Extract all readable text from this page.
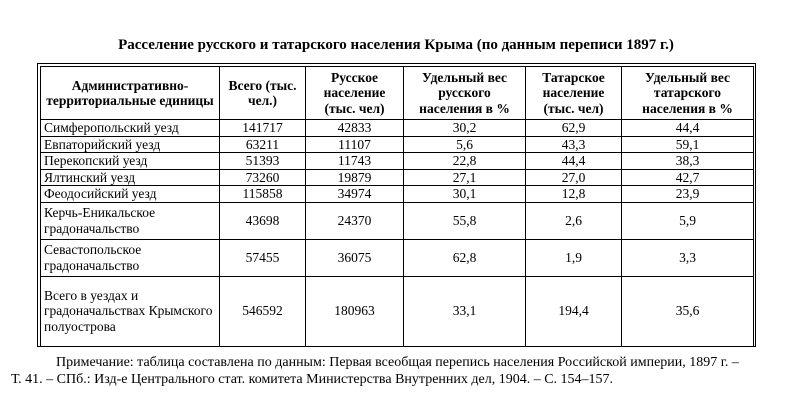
Расселение русского и татарского населения Крыма (по данным переписи 1897 г.)
Административно-территориальные единицы	Всего (тыс. чел.)	Русское население (тыс. чел)	Удельный вес русского населения в %	Татарское население (тыс. чел)	Удельный вес татарского населения в %
Симферопольский уезд	141717	42833	30,2	62,9	44,4
Евпаторийский уезд	63211	11107	5,6	43,3	59,1
Перекопский уезд	51393	11743	22,8	44,4	38,3
Ялтинский уезд	73260	19879	27,1	27,0	42,7
Феодосийский уезд	115858	34974	30,1	12,8	23,9
Керчь-Еникальское градоначальство	43698	24370	55,8	2,6	5,9
Севастопольское градоначальство	57455	36075	62,8	1,9	3,3
Всего в уездах и градоначальствах Крымского полуострова	546592	180963	33,1	194,4	35,6
Примечание: таблица составлена по данным: Первая всеобщая перепись населения Российской империи, 1897 г. –
Т. 41. – СПб.: Изд-е Центрального стат. комитета Министерства Внутренних дел, 1904. – С. 154–157.
